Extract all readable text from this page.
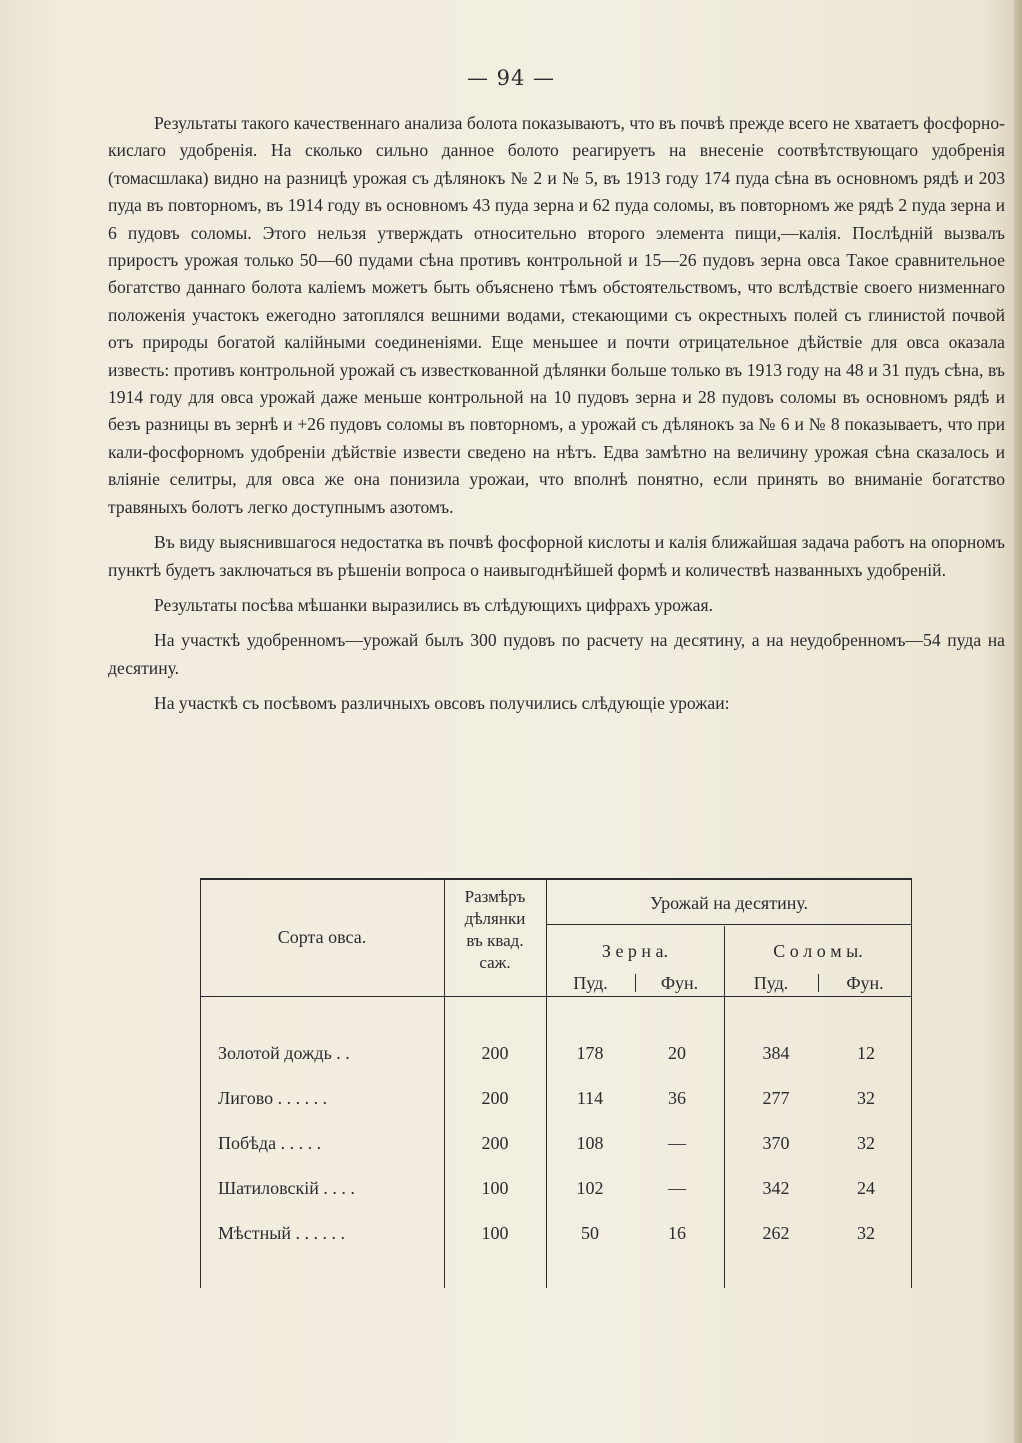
— 94 —

Результаты такого качественнаго анализа болота показываютъ, что въ почвѣ прежде всего не хватаетъ фосфорно-кислаго удобренія. На сколько сильно данное болото реагируетъ на внесеніе соотвѣтствующаго удобренія (томасшлака) видно на разницѣ урожая съ дѣлянокъ № 2 и № 5, въ 1913 году 174 пуда сѣна въ основномъ рядѣ и 203 пуда въ повторномъ, въ 1914 году въ основномъ 43 пуда зерна и 62 пуда соломы, въ повторномъ же рядѣ 2 пуда зерна и 6 пудовъ соломы. Этого нельзя утверждать относительно второго элемента пищи,—калія. Послѣдній вызвалъ приростъ урожая только 50—60 пудами сѣна противъ контрольной и 15—26 пудовъ зерна овса Такое сравнительное богатство даннаго болота каліемъ можетъ быть объяснено тѣмъ обстоятельствомъ, что вслѣдствіе своего низменнаго положенія участокъ ежегодно затоплялся вешними водами, стекающими съ окрестныхъ полей съ глинистой почвой отъ природы богатой калійными соединеніями. Еще меньшее и почти отрицательное дѣйствіе для овса оказала известь: противъ контрольной урожай съ известкованной дѣлянки больше только въ 1913 году на 48 и 31 пудъ сѣна, въ 1914 году для овса урожай даже меньше контрольной на 10 пудовъ зерна и 28 пудовъ соломы въ основномъ рядѣ и безъ разницы въ зернѣ и +26 пудовъ соломы въ повторномъ, а урожай съ дѣлянокъ за № 6 и № 8 показываетъ, что при кали-фосфорномъ удобреніи дѣйствіе извести сведено на нѣтъ. Едва замѣтно на величину урожая сѣна сказалось и вліяніе селитры, для овса же она понизила урожаи, что вполнѣ понятно, если принять во вниманіе богатство травяныхъ болотъ легко доступнымъ азотомъ.

Въ виду выяснившагося недостатка въ почвѣ фосфорной кислоты и калія ближайшая задача работъ на опорномъ пунктѣ будетъ заключаться въ рѣшеніи вопроса о наивыгоднѣйшей формѣ и количествѣ названныхъ удобреній.

Результаты посѣва мѣшанки выразились въ слѣдующихъ цифрахъ урожая.

На участкѣ удобренномъ—урожай былъ 300 пудовъ по расчету на десятину, а на неудобренномъ—54 пуда на десятину.

На участкѣ съ посѣвомъ различныхъ овсовъ получились слѣдующіе урожаи:

Сорта овса.
Размѣръ
дѣлянки
въ квад.
саж.
Урожай на десятину.
З е р н а.	С о л о м ы.
Пуд.	Фун.	Пуд.	Фун.
Золотой дождь . .	200	178	20	384	12
Лигово . . . . . .	200	114	36	277	32
Побѣда . . . . .	200	108	—	370	32
Шатиловскій . . . .	100	102	—	342	24
Мѣстный . . . . . .	100	50	16	262	32
